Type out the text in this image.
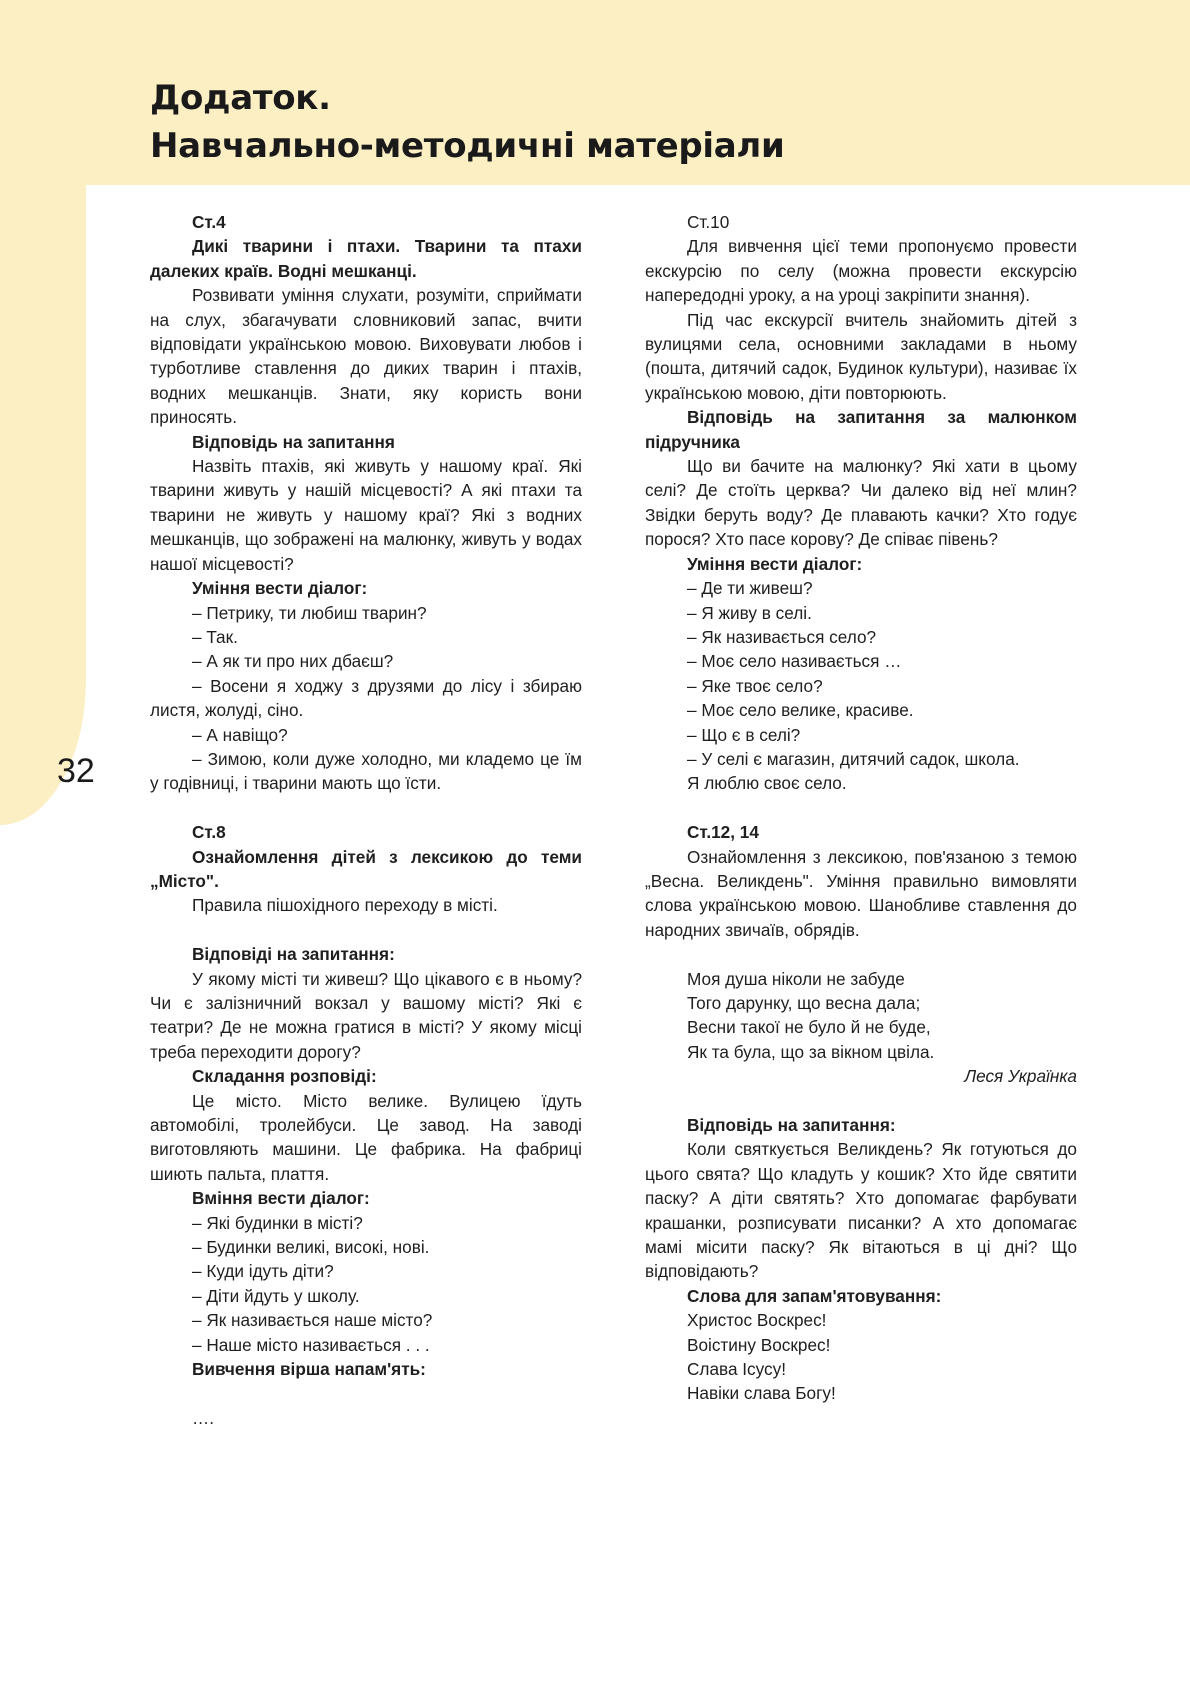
Додаток.
Навчально-методичні матеріали
32

Ст.4

Дикі тварини і птахи. Тварини та птахи далеких країв. Водні мешканці.

Розвивати уміння слухати, розуміти, сприймати на слух, збагачувати словниковий запас, вчити відповідати українською мовою. Виховувати любов і турботливе ставлення до диких тварин і птахів, водних мешканців. Знати, яку користь вони приносять.

Відповідь на запитання

Назвіть птахів, які живуть у нашому краї. Які тварини живуть у нашій місцевості? А які птахи та тварини не живуть у нашому краї? Які з водних мешканців, що зображені на малюнку, живуть у водах нашої місцевості?

Уміння вести діалог:

– Петрику, ти любиш тварин?

– Так.

– А як ти про них дбаєш?

– Восени я ходжу з друзями до лісу і збираю листя, жолуді, сіно.

– А навіщо?

– Зимою, коли дуже холодно, ми кладемо це їм у годівниці, і тварини мають що їсти.

Ст.8

Ознайомлення дітей з лексикою до теми „Місто".

Правила пішохідного переходу в місті.

Відповіді на запитання:

У якому місті ти живеш? Що цікавого є в ньому? Чи є залізничний вокзал у вашому місті? Які є театри? Де не можна гратися в місті? У якому місці треба переходити дорогу?

Складання розповіді:

Це місто. Місто велике. Вулицею їдуть автомобілі, тролейбуси. Це завод. На заводі виготовляють машини. Це фабрика. На фабриці шиють пальта, плаття.

Вміння вести діалог:

– Які будинки в місті?

– Будинки великі, високі, нові.

– Куди ідуть діти?

– Діти йдуть у школу.

– Як називається наше місто?

– Наше місто називається . . .

Вивчення вірша напам'ять:

….

Ст.10

Для вивчення цієї теми пропонуємо провести екскурсію по селу (можна провести екскурсію напередодні уроку, а на уроці закріпити знання).

Під час екскурсії вчитель знайомить дітей з вулицями села, основними закладами в ньому (пошта, дитячий садок, Будинок культури), називає їх українською мовою, діти повторюють.

Відповідь на запитання за малюнком підручника

Що ви бачите на малюнку? Які хати в цьому селі? Де стоїть церква? Чи далеко від неї млин? Звідки беруть воду? Де плавають качки? Хто годує порося? Хто пасе корову? Де співає півень?

Уміння вести діалог:

– Де ти живеш?

– Я живу в селі.

– Як називається село?

– Моє село називається …

– Яке твоє село?

– Моє село велике, красиве.

– Що є в селі?

– У селі є магазин, дитячий садок, школа.

Я люблю своє село.

Ст.12, 14

Ознайомлення з лексикою, пов'язаною з темою „Весна. Великдень". Уміння правильно вимовляти слова українською мовою. Шанобливе ставлення до народних звичаїв, обрядів.

Моя душа ніколи не забуде

Того дарунку, що весна дала;

Весни такої не було й не буде,

Як та була, що за вікном цвіла.

Леся Українка

Відповідь на запитання:

Коли святкується Великдень? Як готуються до цього свята? Що кладуть у кошик? Хто йде святити паску? А діти святять? Хто допомагає фарбувати крашанки, розписувати писанки? А хто допомагає мамі місити паску? Як вітаються в ці дні? Що відповідають?

Слова для запам'ятовування:

Христос Воскрес!

Воістину Воскрес!

Слава Ісусу!

Навіки слава Богу!
